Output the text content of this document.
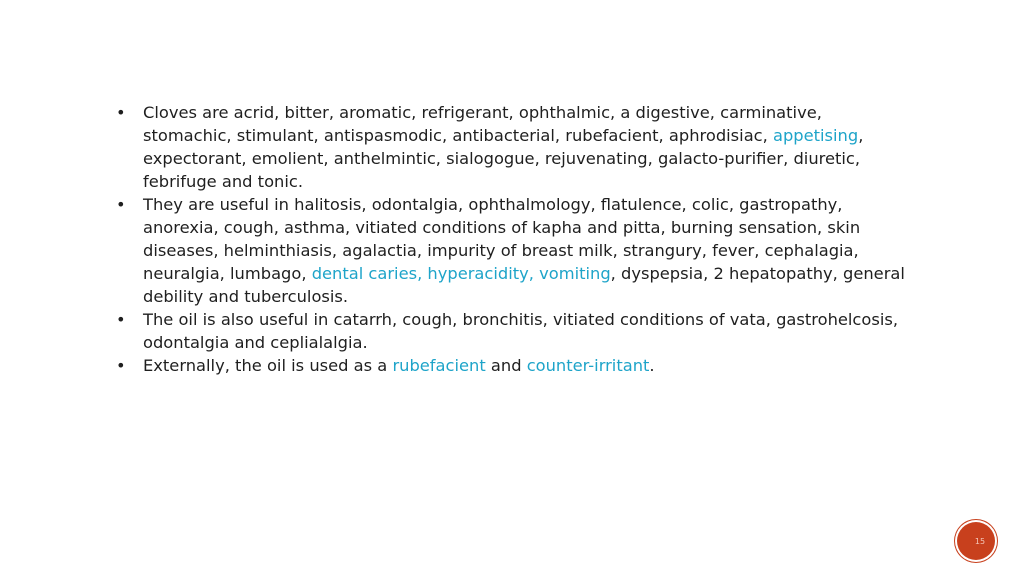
• Cloves are acrid, bitter, aromatic, refrigerant, ophthalmic, a digestive, carminative, stomachic, stimulant, antispasmodic, antibacterial, rubefacient, aphrodisiac, appetising, expectorant, emolient, anthelmintic, sialogogue, rejuvenating, galacto-purifier, diuretic, febrifuge and tonic.
• They are useful in halitosis, odontalgia, ophthalmology, flatulence, colic, gastropathy, anorexia, cough, asthma, vitiated conditions of kapha and pitta, burning sensation, skin diseases, helminthiasis, agalactia, impurity of breast milk, strangury, fever, cephalagia, neuralgia, lumbago, dental caries, hyperacidity, vomiting, dyspepsia, 2 hepatopathy, general debility and tuberculosis.
• The oil is also useful in catarrh, cough, bronchitis, vitiated conditions of vata, gastrohelcosis, odontalgia and ceplialalgia.
• Externally, the oil is used as a rubefacient and counter-irritant.
15
